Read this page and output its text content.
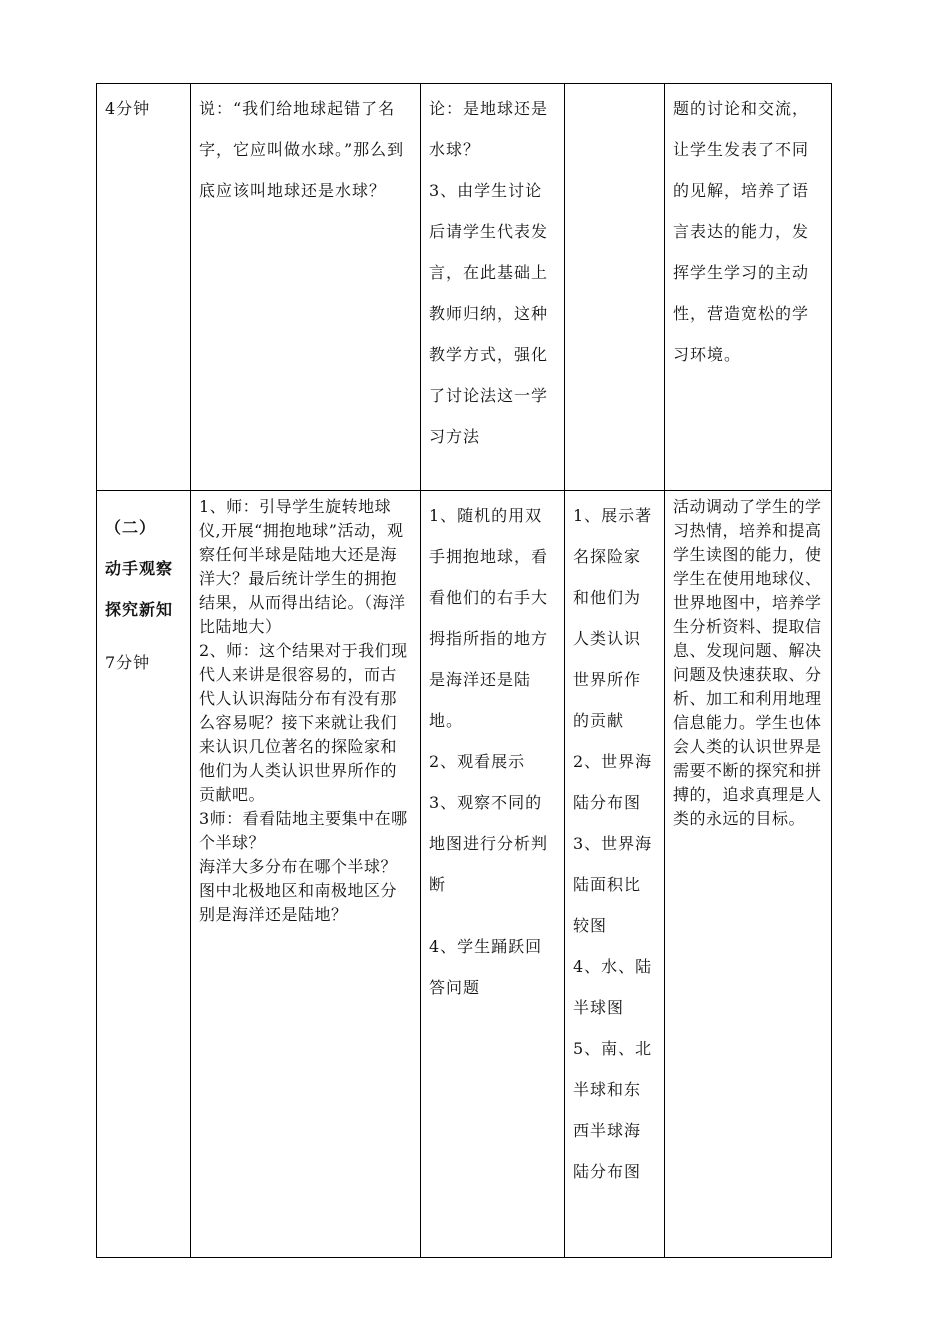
4分钟	说：“我们给地球起错了名字，它应叫做水球。”那么到底应该叫地球还是水球？	论：是地球还是水球？
3、由学生讨论后请学生代表发言，在此基础上教师归纳，这种教学方式，强化了讨论法这一学习方法		题的讨论和交流，让学生发表了不同的见解，培养了语言表达的能力，发挥学生学习的主动性，营造宽松的学习环境。

（二）
动手观察探究新知
7分钟	1、师：引导学生旋转地球仪,开展“拥抱地球”活动，观察任何半球是陆地大还是海洋大？最后统计学生的拥抱结果，从而得出结论。（海洋比陆地大）
2、师：这个结果对于我们现代人来讲是很容易的，而古代人认识海陆分布有没有那么容易呢？接下来就让我们来认识几位著名的探险家和他们为人类认识世界所作的贡献吧。
3师：看看陆地主要集中在哪个半球？
海洋大多分布在哪个半球？图中北极地区和南极地区分别是海洋还是陆地？	1、随机的用双手拥抱地球，看看他们的右手大拇指所指的地方是海洋还是陆地。
2、观看展示
3、观察不同的地图进行分析判断
4、学生踊跃回答问题	1、展示著名探险家和他们为人类认识世界所作的贡献
2、世界海陆分布图
3、世界海陆面积比较图
4、水、陆半球图
5、南、北半球和东西半球海陆分布图	活动调动了学生的学习热情，培养和提高学生读图的能力，使学生在使用地球仪、世界地图中，培养学生分析资料、提取信息、发现问题、解决问题及快速获取、分析、加工和利用地理信息能力。学生也体会人类的认识世界是需要不断的探究和拼搏的，追求真理是人类的永远的目标。
